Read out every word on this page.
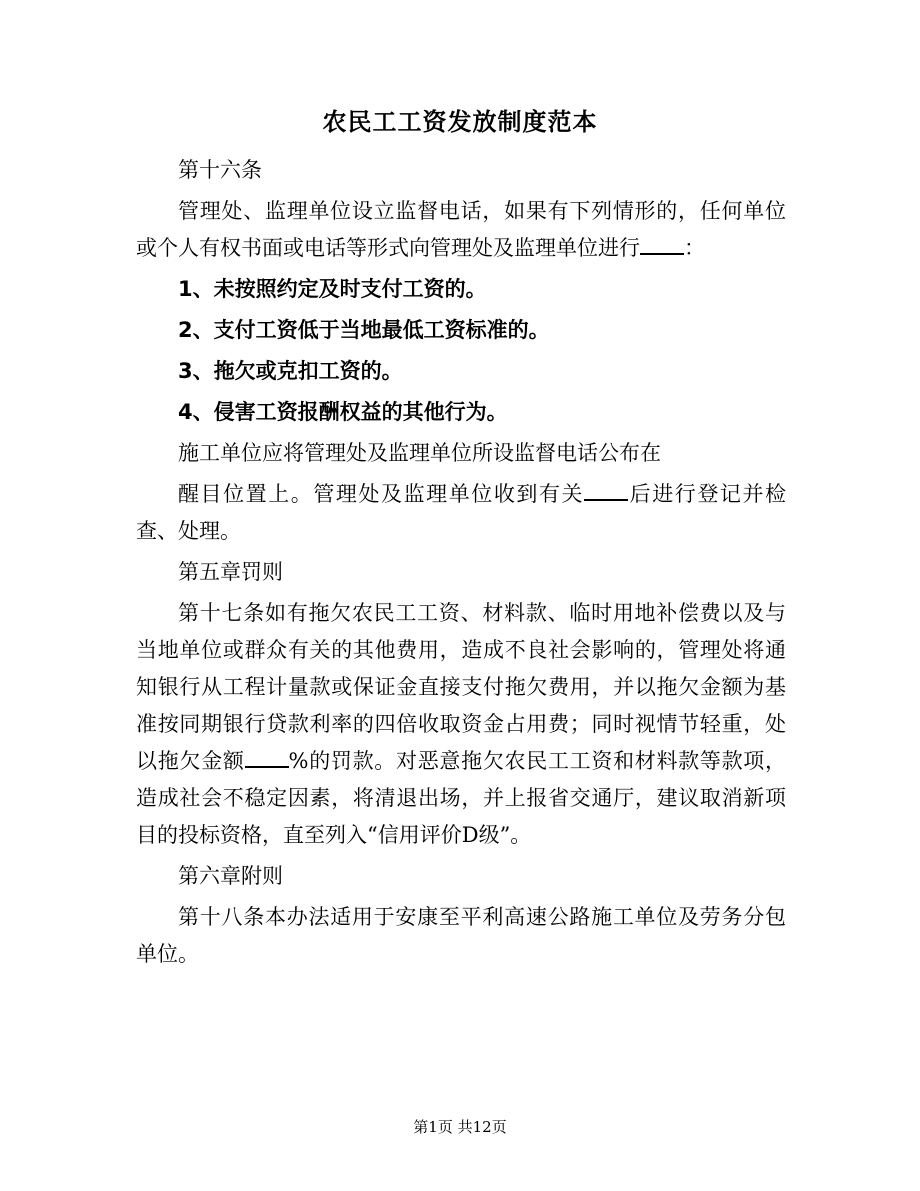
农民工工资发放制度范本

第十六条

管理处、监理单位设立监督电话，如果有下列情形的，任何单位或个人有权书面或电话等形式向管理处及监理单位进行 ：

1、未按照约定及时支付工资的。

2、支付工资低于当地最低工资标准的。

3、拖欠或克扣工资的。

4、侵害工资报酬权益的其他行为。

施工单位应将管理处及监理单位所设监督电话公布在

醒目位置上。管理处及监理单位收到有关 后进行登记并检查、处理。

第五章罚则

第十七条如有拖欠农民工工资、材料款、临时用地补偿费以及与当地单位或群众有关的其他费用，造成不良社会影响的，管理处将通知银行从工程计量款或保证金直接支付拖欠费用，并以拖欠金额为基准按同期银行贷款利率的四倍收取资金占用费；同时视情节轻重，处以拖欠金额 %的罚款。对恶意拖欠农民工工资和材料款等款项，造成社会不稳定因素，将清退出场，并上报省交通厅，建议取消新项目的投标资格，直至列入“信用评价D级”。

第六章附则

第十八条本办法适用于安康至平利高速公路施工单位及劳务分包单位。

第1页 共12页
